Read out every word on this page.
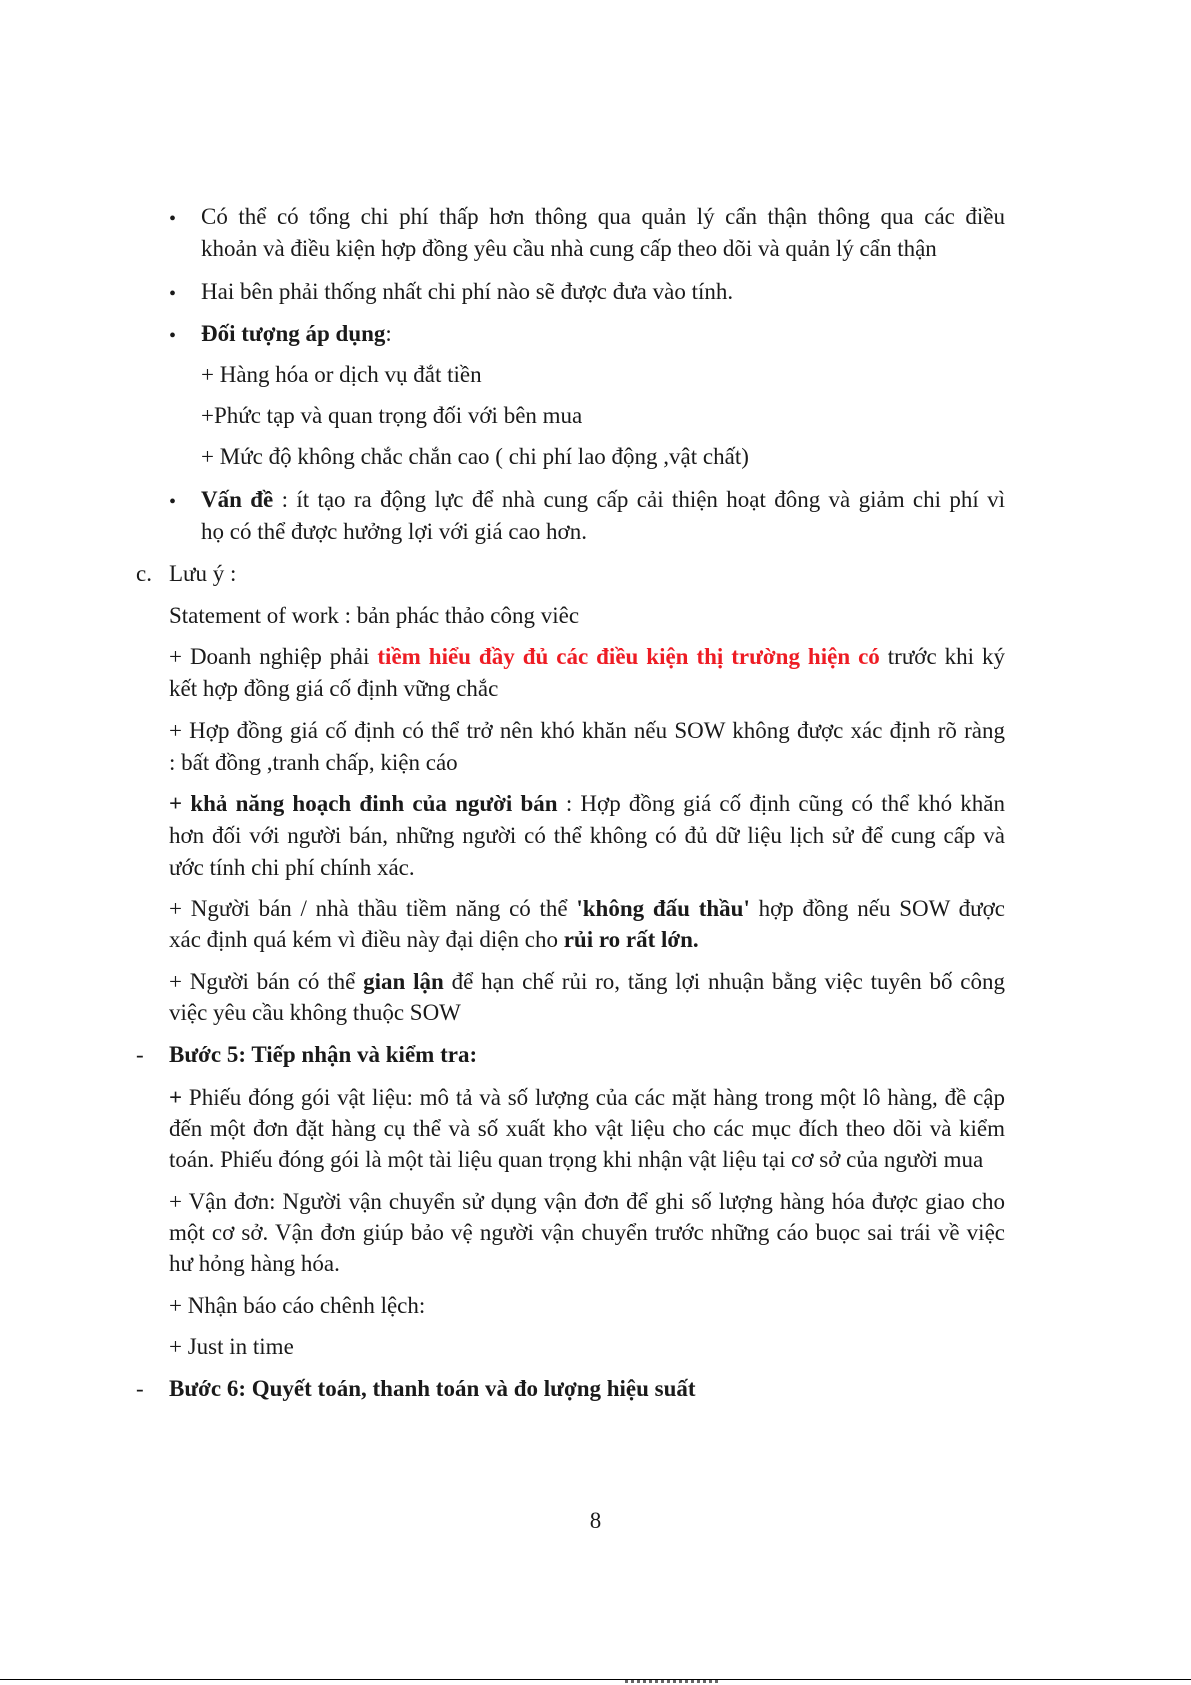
• Có thể có tổng chi phí thấp hơn thông qua quản lý cẩn thận thông qua các điều
khoản và điều kiện hợp đồng yêu cầu nhà cung cấp theo dõi và quản lý cẩn thận
• Hai bên phải thống nhất chi phí nào sẽ được đưa vào tính.
• Đối tượng áp dụng:
+ Hàng hóa or dịch vụ đắt tiền
+Phức tạp và quan trọng đối với bên mua
+ Mức độ không chắc chắn cao ( chi phí lao động ,vật chất)
• Vấn đề : ít tạo ra động lực để nhà cung cấp cải thiện hoạt đông và giảm chi phí vì
họ có thể được hưởng lợi với giá cao hơn.
c. Lưu ý :
Statement of work : bản phác thảo công viêc
+ Doanh nghiệp phải tiềm hiểu đầy đủ các điều kiện thị trường hiện có trước khi ký
kết hợp đồng giá cố định vững chắc
+ Hợp đồng giá cố định có thể trở nên khó khăn nếu SOW không được xác định rõ ràng
: bất đồng ,tranh chấp, kiện cáo
+ khả năng hoạch đinh của người bán : Hợp đồng giá cố định cũng có thể khó khăn
hơn đối với người bán, những người có thể không có đủ dữ liệu lịch sử để cung cấp và
ước tính chi phí chính xác.
+ Người bán / nhà thầu tiềm năng có thể 'không đấu thầu' hợp đồng nếu SOW được
xác định quá kém vì điều này đại diện cho rủi ro rất lớn.
+ Người bán có thể gian lận để hạn chế rủi ro, tăng lợi nhuận bằng việc tuyên bố công
việc yêu cầu không thuộc SOW
- Bước 5: Tiếp nhận và kiểm tra:
+ Phiếu đóng gói vật liệu: mô tả và số lượng của các mặt hàng trong một lô hàng, đề cập
đến một đơn đặt hàng cụ thể và số xuất kho vật liệu cho các mục đích theo dõi và kiểm
toán. Phiếu đóng gói là một tài liệu quan trọng khi nhận vật liệu tại cơ sở của người mua
+ Vận đơn: Người vận chuyển sử dụng vận đơn để ghi số lượng hàng hóa được giao cho
một cơ sở. Vận đơn giúp bảo vệ người vận chuyển trước những cáo buọc sai trái về việc
hư hỏng hàng hóa.
+ Nhận báo cáo chênh lệch:
+ Just in time
- Bước 6: Quyết toán, thanh toán và đo lượng hiệu suất
8
